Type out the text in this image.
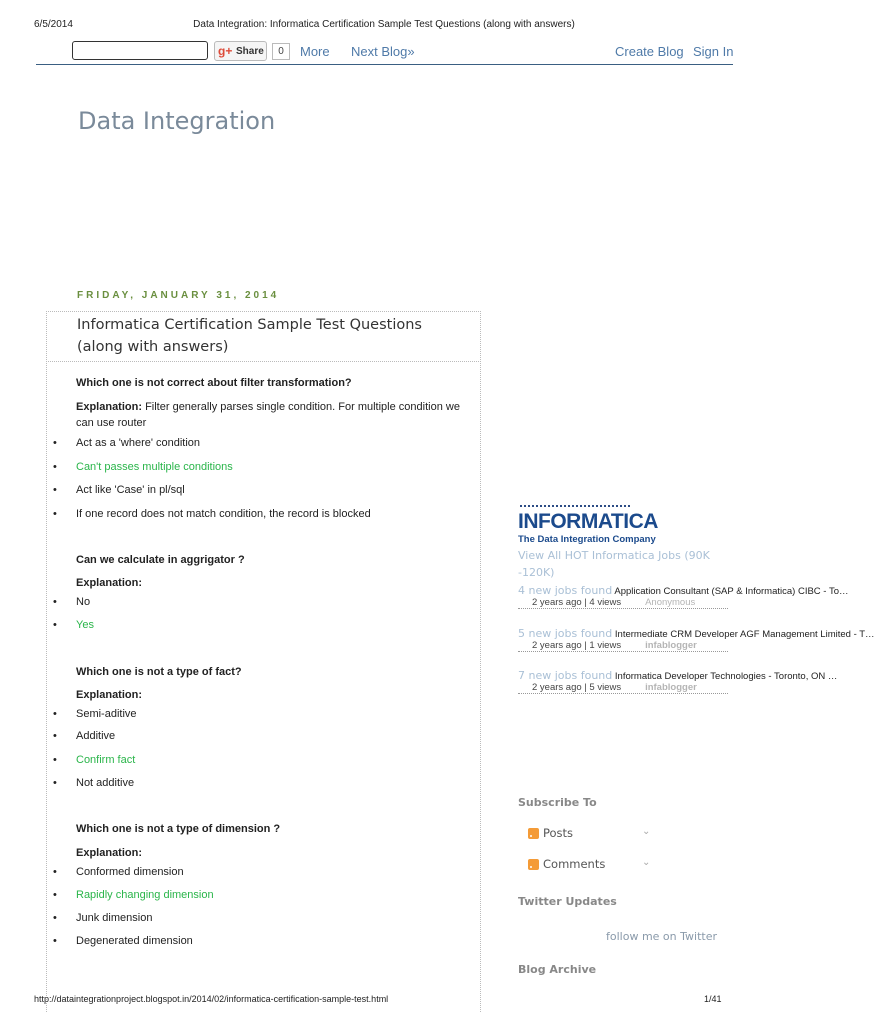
6/5/2014	Data Integration: Informatica Certification Sample Test Questions (along with answers)
g+ Share	0	More Next Blog»	Create Blog Sign In
Data Integration
FRIDAY, JANUARY 31, 2014
Informatica Certification Sample Test Questions (along with answers)
Which one is not correct about filter transformation?
Explanation: Filter generally parses single condition. For multiple condition we can use router
• Act as a 'where' condition
• Can't passes multiple conditions
• Act like 'Case' in pl/sql
• If one record does not match condition, the record is blocked
Can we calculate in aggrigator ?
Explanation:
• No
• Yes
Which one is not a type of fact?
Explanation:
• Semi-aditive
• Additive
• Confirm fact
• Not additive
Which one is not a type of dimension ?
Explanation:
• Conformed dimension
• Rapidly changing dimension
• Junk dimension
• Degenerated dimension
INFORMATICA
The Data Integration Company
View All HOT Informatica Jobs (90K -120K)
4 new jobs found Application Consultant (SAP & Informatica) CIBC - To…
2 years ago | 4 views	Anonymous
5 new jobs found Intermediate CRM Developer AGF Management Limited - T…
2 years ago | 1 views	infablogger
7 new jobs found Informatica Developer Technologies - Toronto, ON …
2 years ago | 5 views	infablogger
Subscribe To
Posts	⌄
Comments	⌄
Twitter Updates
follow me on Twitter
Blog Archive
http://dataintegrationproject.blogspot.in/2014/02/informatica-certification-sample-test.html	1/41
